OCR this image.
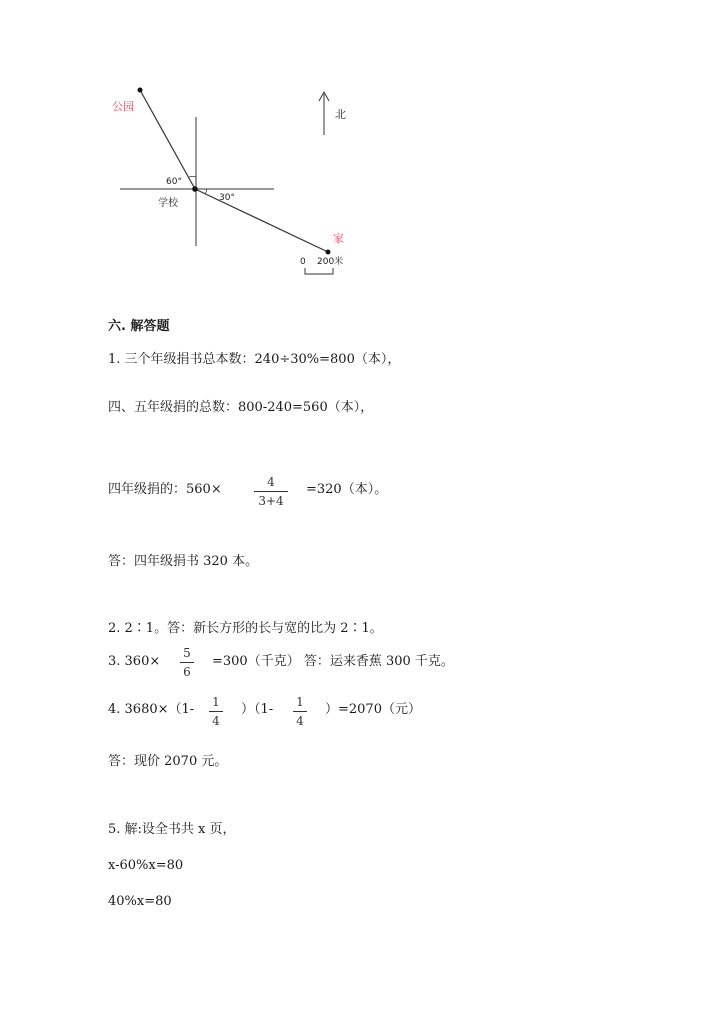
公园
家
学校
北
60°
30°
0 200米
六. 解答题
1. 三个年级捐书总本数：240÷30%=800（本），
四、五年级捐的总数：800-240=560（本），
四年级捐的：560×	4
3+4
=320（本）。
答：四年级捐书 320 本。
2. 2∶1。答：新长方形的长与宽的比为 2∶1。
3. 360×
5
6
=300（千克） 答：运来香蕉 300 千克。
4. 3680×（1- 1
4
）（1- 1
4
）=2070（元）
答：现价 2070 元。
5. 解:设全书共 x 页，
x-60%x=80
40%x=80
